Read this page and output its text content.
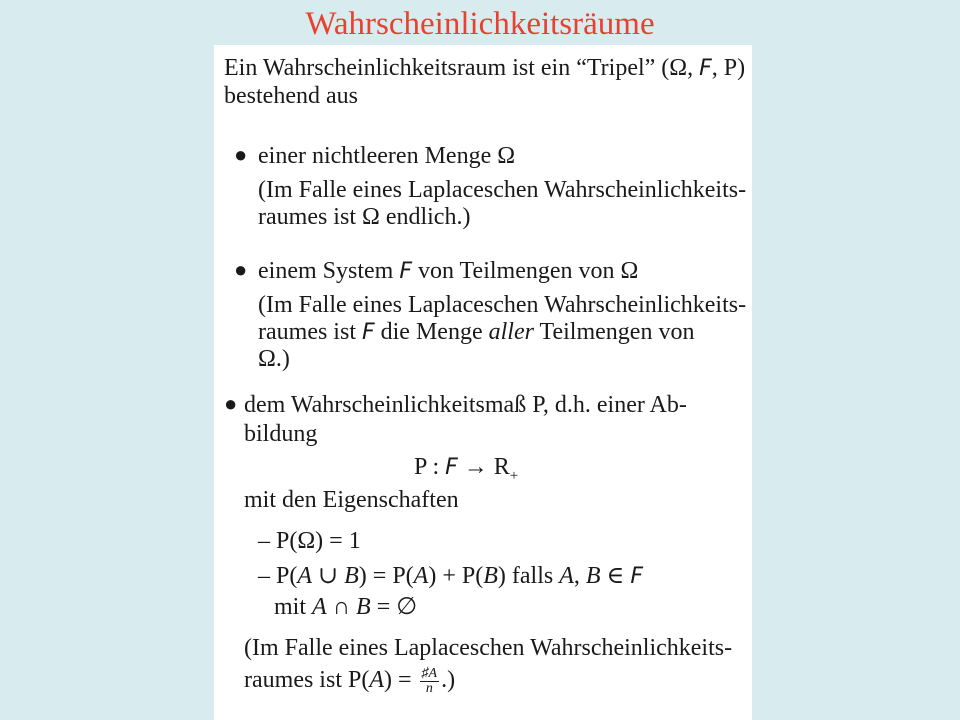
Wahrscheinlichkeitsräume
Ein Wahrscheinlichkeitsraum ist ein “Tripel” (Ω, F, P)
bestehend aus
● einer nichtleeren Menge Ω
(Im Falle eines Laplaceschen Wahrscheinlichkeits-
raumes ist Ω endlich.)
● einem System F von Teilmengen von Ω
(Im Falle eines Laplaceschen Wahrscheinlichkeits-
raumes ist F die Menge aller Teilmengen von
Ω.)
● dem Wahrscheinlichkeitsmaß P, d.h. einer Ab-
bildung
P : $F \to R_+$
mit den Eigenschaften
– P(Ω) = 1
– P(A ∪ B) = P(A) + P(B) falls A, B ∈ F
mit A ∩ B = ∅
(Im Falle eines Laplaceschen Wahrscheinlichkeits-
raumes ist $P(A) = \frac{♯A}{n}$ .)
